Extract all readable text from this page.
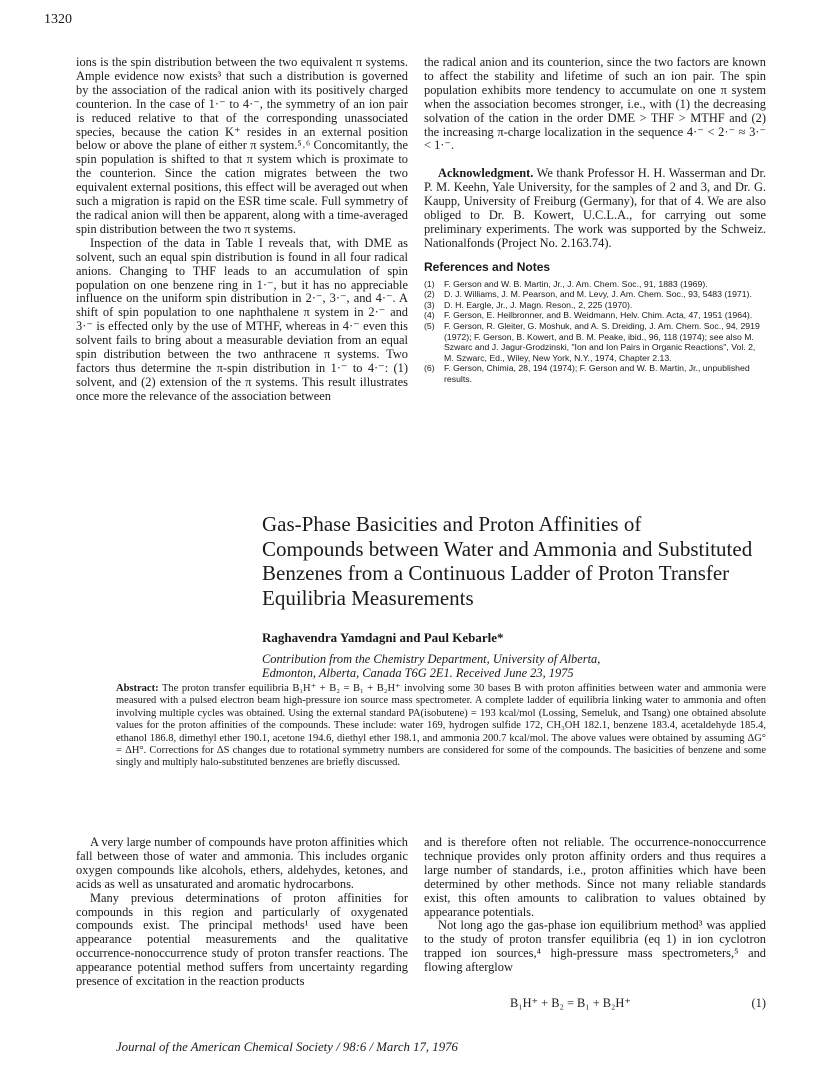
1320

ions is the spin distribution between the two equivalent π systems. Ample evidence now exists³ that such a distribution is governed by the association of the radical anion with its positively charged counterion. In the case of 1·⁻ to 4·⁻, the symmetry of an ion pair is reduced relative to that of the corresponding unassociated species, because the cation K⁺ resides in an external position below or above the plane of either π system.⁵˒⁶ Concomitantly, the spin population is shifted to that π system which is proximate to the counterion. Since the cation migrates between the two equivalent external positions, this effect will be averaged out when such a migration is rapid on the ESR time scale. Full symmetry of the radical anion will then be apparent, along with a time-averaged spin distribution between the two π systems.

Inspection of the data in Table I reveals that, with DME as solvent, such an equal spin distribution is found in all four radical anions. Changing to THF leads to an accumulation of spin population on one benzene ring in 1·⁻, but it has no appreciable influence on the uniform spin distribution in 2·⁻, 3·⁻, and 4·⁻. A shift of spin population to one naphthalene π system in 2·⁻ and 3·⁻ is effected only by the use of MTHF, whereas in 4·⁻ even this solvent fails to bring about a measurable deviation from an equal spin distribution between the two anthracene π systems. Two factors thus determine the π-spin distribution in 1·⁻ to 4·⁻: (1) solvent, and (2) extension of the π systems. This result illustrates once more the relevance of the association between

the radical anion and its counterion, since the two factors are known to affect the stability and lifetime of such an ion pair. The spin population exhibits more tendency to accumulate on one π system when the association becomes stronger, i.e., with (1) the decreasing solvation of the cation in the order DME > THF > MTHF and (2) the increasing π-charge localization in the sequence 4·⁻ < 2·⁻ ≈ 3·⁻ < 1·⁻.

Acknowledgment. We thank Professor H. H. Wasserman and Dr. P. M. Keehn, Yale University, for the samples of 2 and 3, and Dr. G. Kaupp, University of Freiburg (Germany), for that of 4. We are also obliged to Dr. B. Kowert, U.C.L.A., for carrying out some preliminary experiments. The work was supported by the Schweiz. Nationalfonds (Project No. 2.163.74).

References and Notes
(1) F. Gerson and W. B. Martin, Jr., J. Am. Chem. Soc., 91, 1883 (1969).
(2) D. J. Williams, J. M. Pearson, and M. Levy, J. Am. Chem. Soc., 93, 5483 (1971).
(3) D. H. Eargle, Jr., J. Magn. Reson., 2, 225 (1970).
(4) F. Gerson, E. Heilbronner, and B. Weidmann, Helv. Chim. Acta, 47, 1951 (1964).
(5) F. Gerson, R. Gleiter, G. Moshuk, and A. S. Dreiding, J. Am. Chem. Soc., 94, 2919 (1972); F. Gerson, B. Kowert, and B. M. Peake, ibid., 96, 118 (1974); see also M. Szwarc and J. Jagur-Grodzinski, "Ion and Ion Pairs in Organic Reactions", Vol. 2, M. Szwarc, Ed., Wiley, New York, N.Y., 1974, Chapter 2.13.
(6) F. Gerson, Chimia, 28, 194 (1974); F. Gerson and W. B. Martin, Jr., unpublished results.
Gas-Phase Basicities and Proton Affinities of
Compounds between Water and Ammonia and Substituted
Benzenes from a Continuous Ladder of Proton Transfer
Equilibria Measurements
Raghavendra Yamdagni and Paul Kebarle*
Contribution from the Chemistry Department, University of Alberta,
Edmonton, Alberta, Canada T6G 2E1. Received June 23, 1975
Abstract: The proton transfer equilibria B₁H⁺ + B₂ = B₁ + B₂H⁺ involving some 30 bases B with proton affinities between water and ammonia were measured with a pulsed electron beam high-pressure ion source mass spectrometer. A complete ladder of equilibria linking water to ammonia and often involving multiple cycles was obtained. Using the external standard PA(isobutene) = 193 kcal/mol (Lossing, Semeluk, and Tsang) one obtained absolute values for the proton affinities of the compounds. These include: water 169, hydrogen sulfide 172, CH₃OH 182.1, benzene 183.4, acetaldehyde 185.4, ethanol 186.8, dimethyl ether 190.1, acetone 194.6, diethyl ether 198.1, and ammonia 200.7 kcal/mol. The above values were obtained by assuming ΔG° = ΔH°. Corrections for ΔS changes due to rotational symmetry numbers are considered for some of the compounds. The basicities of benzene and some singly and multiply halo-substituted benzenes are briefly discussed.

A very large number of compounds have proton affinities which fall between those of water and ammonia. This includes organic oxygen compounds like alcohols, ethers, aldehydes, ketones, and acids as well as unsaturated and aromatic hydrocarbons.

Many previous determinations of proton affinities for compounds in this region and particularly of oxygenated compounds exist. The principal methods¹ used have been appearance potential measurements and the qualitative occurrence-nonoccurrence study of proton transfer reactions. The appearance potential method suffers from uncertainty regarding presence of excitation in the reaction products

and is therefore often not reliable. The occurrence-nonoccurrence technique provides only proton affinity orders and thus requires a large number of standards, i.e., proton affinities which have been determined by other methods. Since not many reliable standards exist, this often amounts to calibration to values obtained by appearance potentials.

Not long ago the gas-phase ion equilibrium method³ was applied to the study of proton transfer equilibria (eq 1) in ion cyclotron trapped ion sources,⁴ high-pressure mass spectrometers,⁵ and flowing afterglow

B₁H⁺ + B₂ = B₁ + B₂H⁺	(1)
Journal of the American Chemical Society / 98:6 / March 17, 1976
